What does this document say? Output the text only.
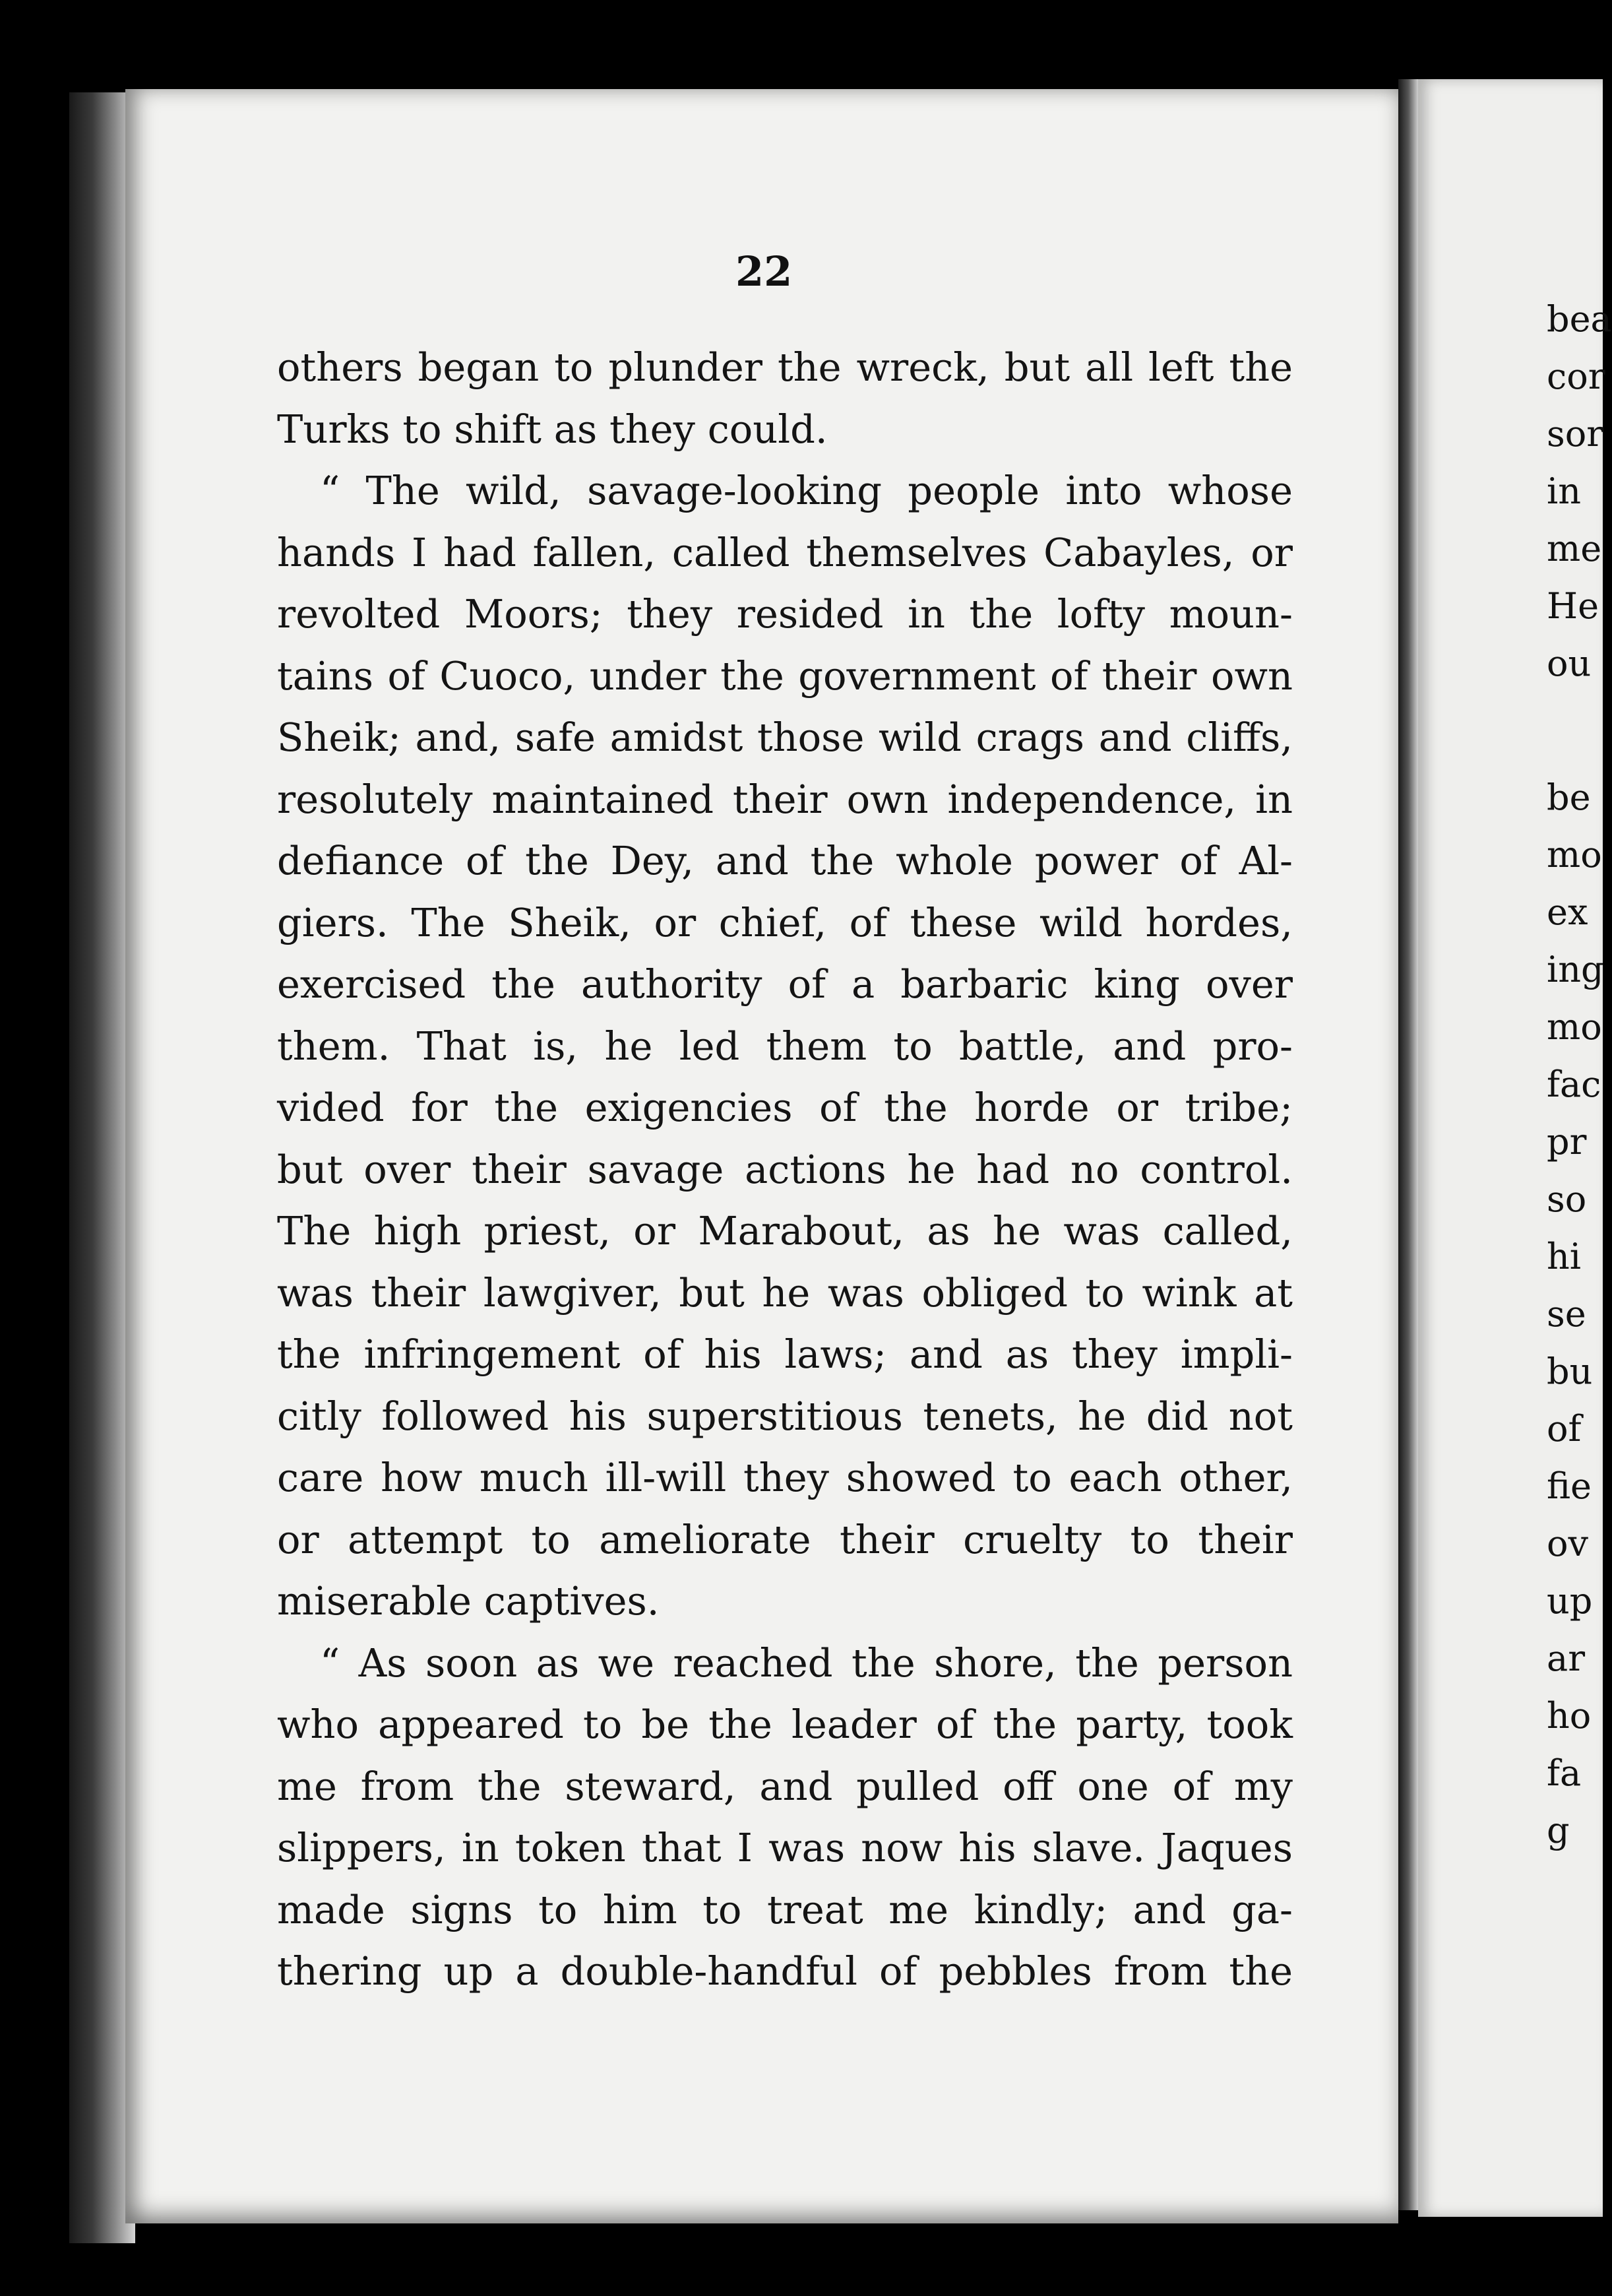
22
others began to plunder the wreck, but all left the
Turks to shift as they could.
“ The wild, savage-looking people into whose
hands I had fallen, called themselves Cabayles, or
revolted Moors; they resided in the lofty moun-
tains of Cuoco, under the government of their own
Sheik; and, safe amidst those wild crags and cliffs,
resolutely maintained their own independence, in
defiance of the Dey, and the whole power of Al-
giers. The Sheik, or chief, of these wild hordes,
exercised the authority of a barbaric king over
them. That is, he led them to battle, and pro-
vided for the exigencies of the horde or tribe;
but over their savage actions he had no control.
The high priest, or Marabout, as he was called,
was their lawgiver, but he was obliged to wink at
the infringement of his laws; and as they impli-
citly followed his superstitious tenets, he did not
care how much ill-will they showed to each other,
or attempt to ameliorate their cruelty to their
miserable captives.
“ As soon as we reached the shore, the person
who appeared to be the leader of the party, took
me from the steward, and pulled off one of my
slippers, in token that I was now his slave. Jaques
made signs to him to treat me kindly; and ga-
thering up a double-handful of pebbles from the
bea
cor
sor
in
me
He
ou
be
mo
ex
ing
mo
fac
pr
so
hi
se
bu
of
fie
ov
up
ar
ho
fa
g
